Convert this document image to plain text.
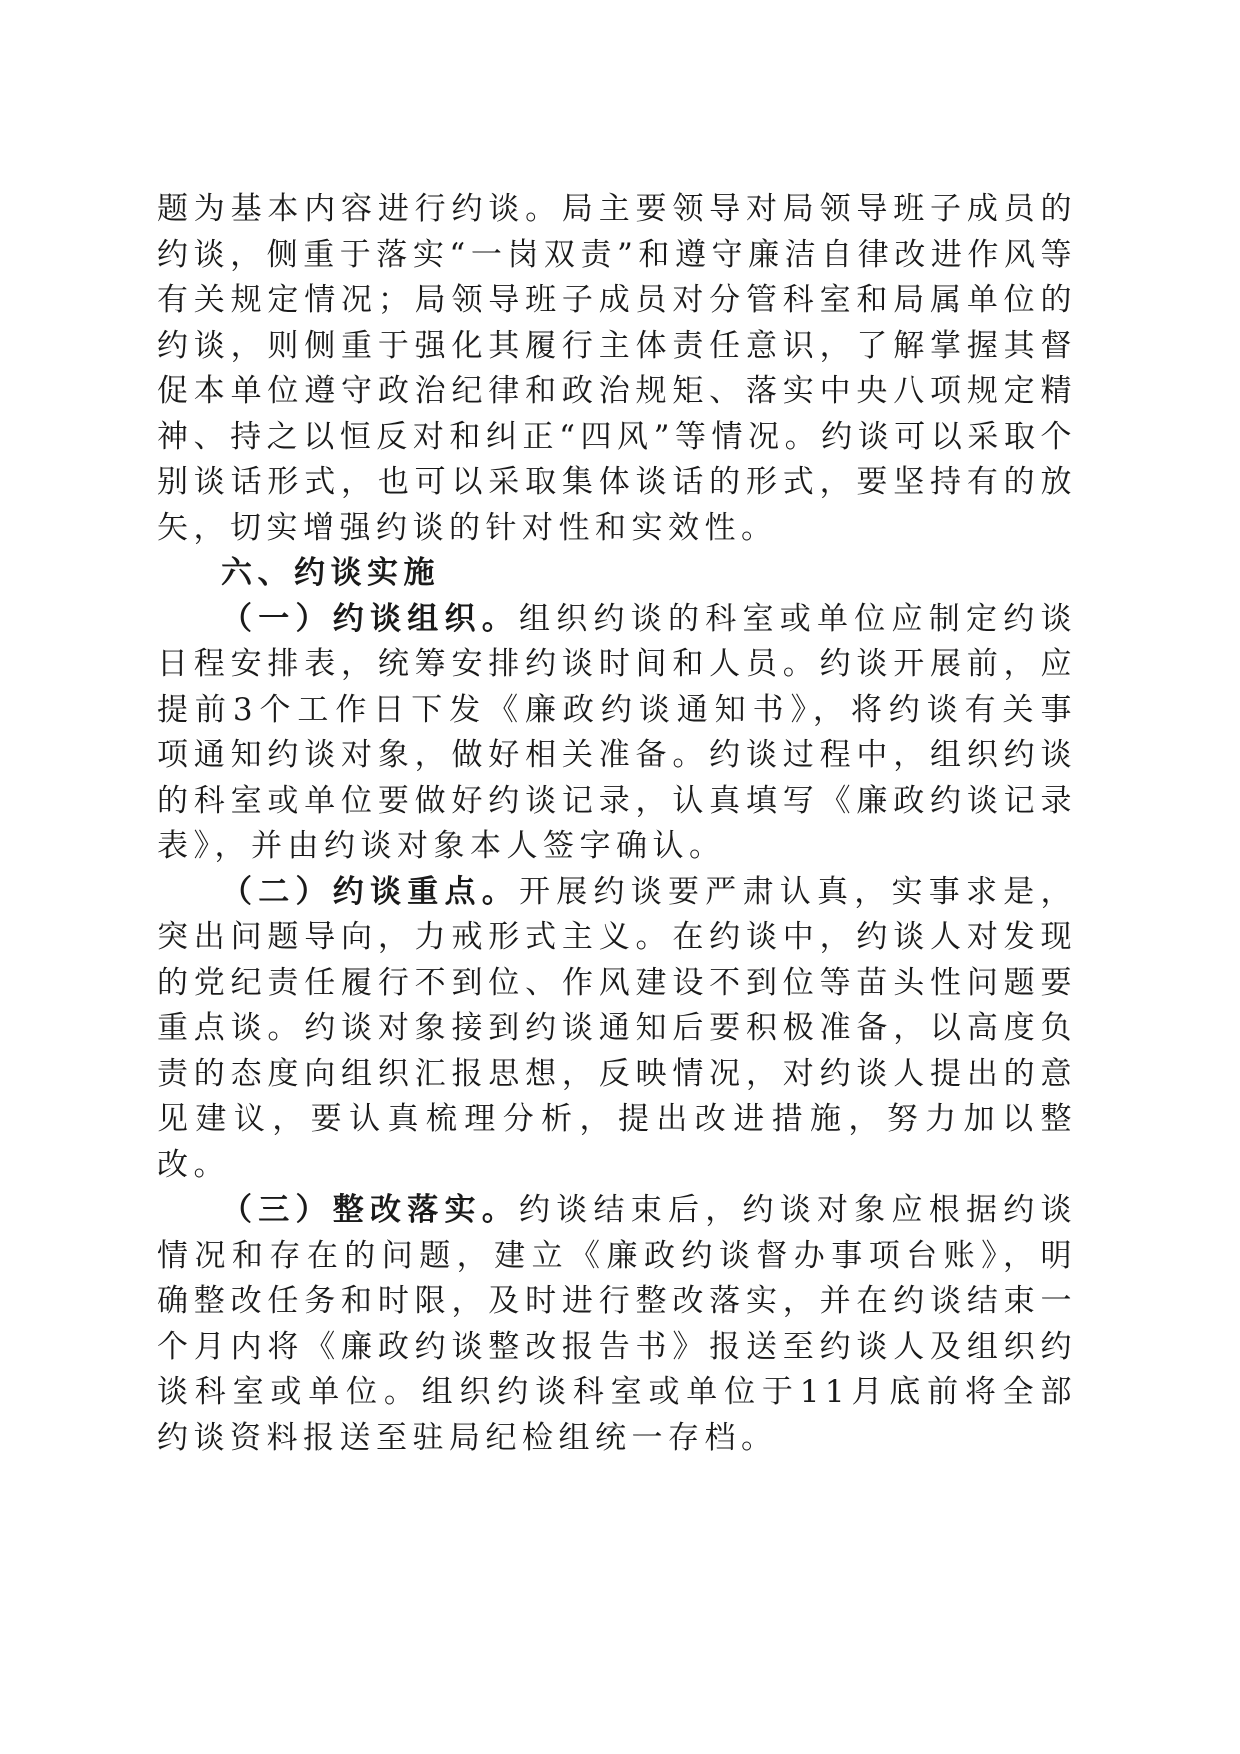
题为基本内容进行约谈。局主要领导对局领导班子成员的约谈，侧重于落实“一岗双责”和遵守廉洁自律改进作风等有关规定情况；局领导班子成员对分管科室和局属单位的约谈，则侧重于强化其履行主体责任意识，了解掌握其督促本单位遵守政治纪律和政治规矩、落实中央八项规定精神、持之以恒反对和纠正“四风”等情况。约谈可以采取个别谈话形式，也可以采取集体谈话的形式，要坚持有的放矢，切实增强约谈的针对性和实效性。

六、约谈实施

（一）约谈组织。组织约谈的科室或单位应制定约谈日程安排表，统筹安排约谈时间和人员。约谈开展前，应提前3个工作日下发《廉政约谈通知书》，将约谈有关事项通知约谈对象，做好相关准备。约谈过程中，组织约谈的科室或单位要做好约谈记录，认真填写《廉政约谈记录表》，并由约谈对象本人签字确认。

（二）约谈重点。开展约谈要严肃认真，实事求是，突出问题导向，力戒形式主义。在约谈中，约谈人对发现的党纪责任履行不到位、作风建设不到位等苗头性问题要重点谈。约谈对象接到约谈通知后要积极准备，以高度负责的态度向组织汇报思想，反映情况，对约谈人提出的意见建议，要认真梳理分析，提出改进措施，努力加以整改。

（三）整改落实。约谈结束后，约谈对象应根据约谈情况和存在的问题，建立《廉政约谈督办事项台账》，明确整改任务和时限，及时进行整改落实，并在约谈结束一个月内将《廉政约谈整改报告书》报送至约谈人及组织约谈科室或单位。组织约谈科室或单位于11月底前将全部约谈资料报送至驻局纪检组统一存档。
